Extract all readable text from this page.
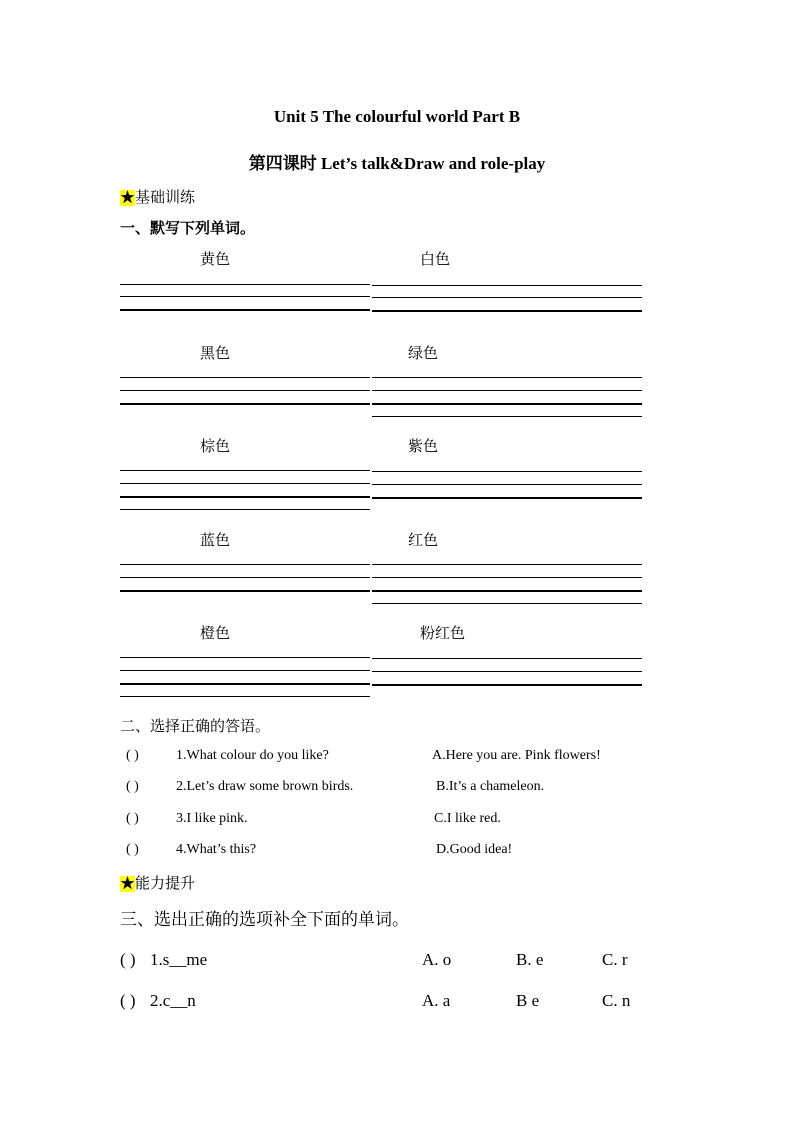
Unit 5 The colourful world Part B
第四课时 Let’s talk&Draw and role-play
★基础训练
一、默写下列单词。
黄色	白色
黑色	绿色
棕色	紫色
蓝色	红色
橙色	粉红色
二、选择正确的答语。
( )	1.What colour do you like?	A.Here you are. Pink flowers!
( )	2.Let’s draw some brown birds.	B.It’s a chameleon.
( )	3.I like pink.	C.I like red.
( )	4.What’s this?	D.Good idea!
★能力提升
三、选出正确的选项补全下面的单词。
( ) 1.s__me	A. o	B. e	C. r
( ) 2.c__n	A. a	B e	C. n
